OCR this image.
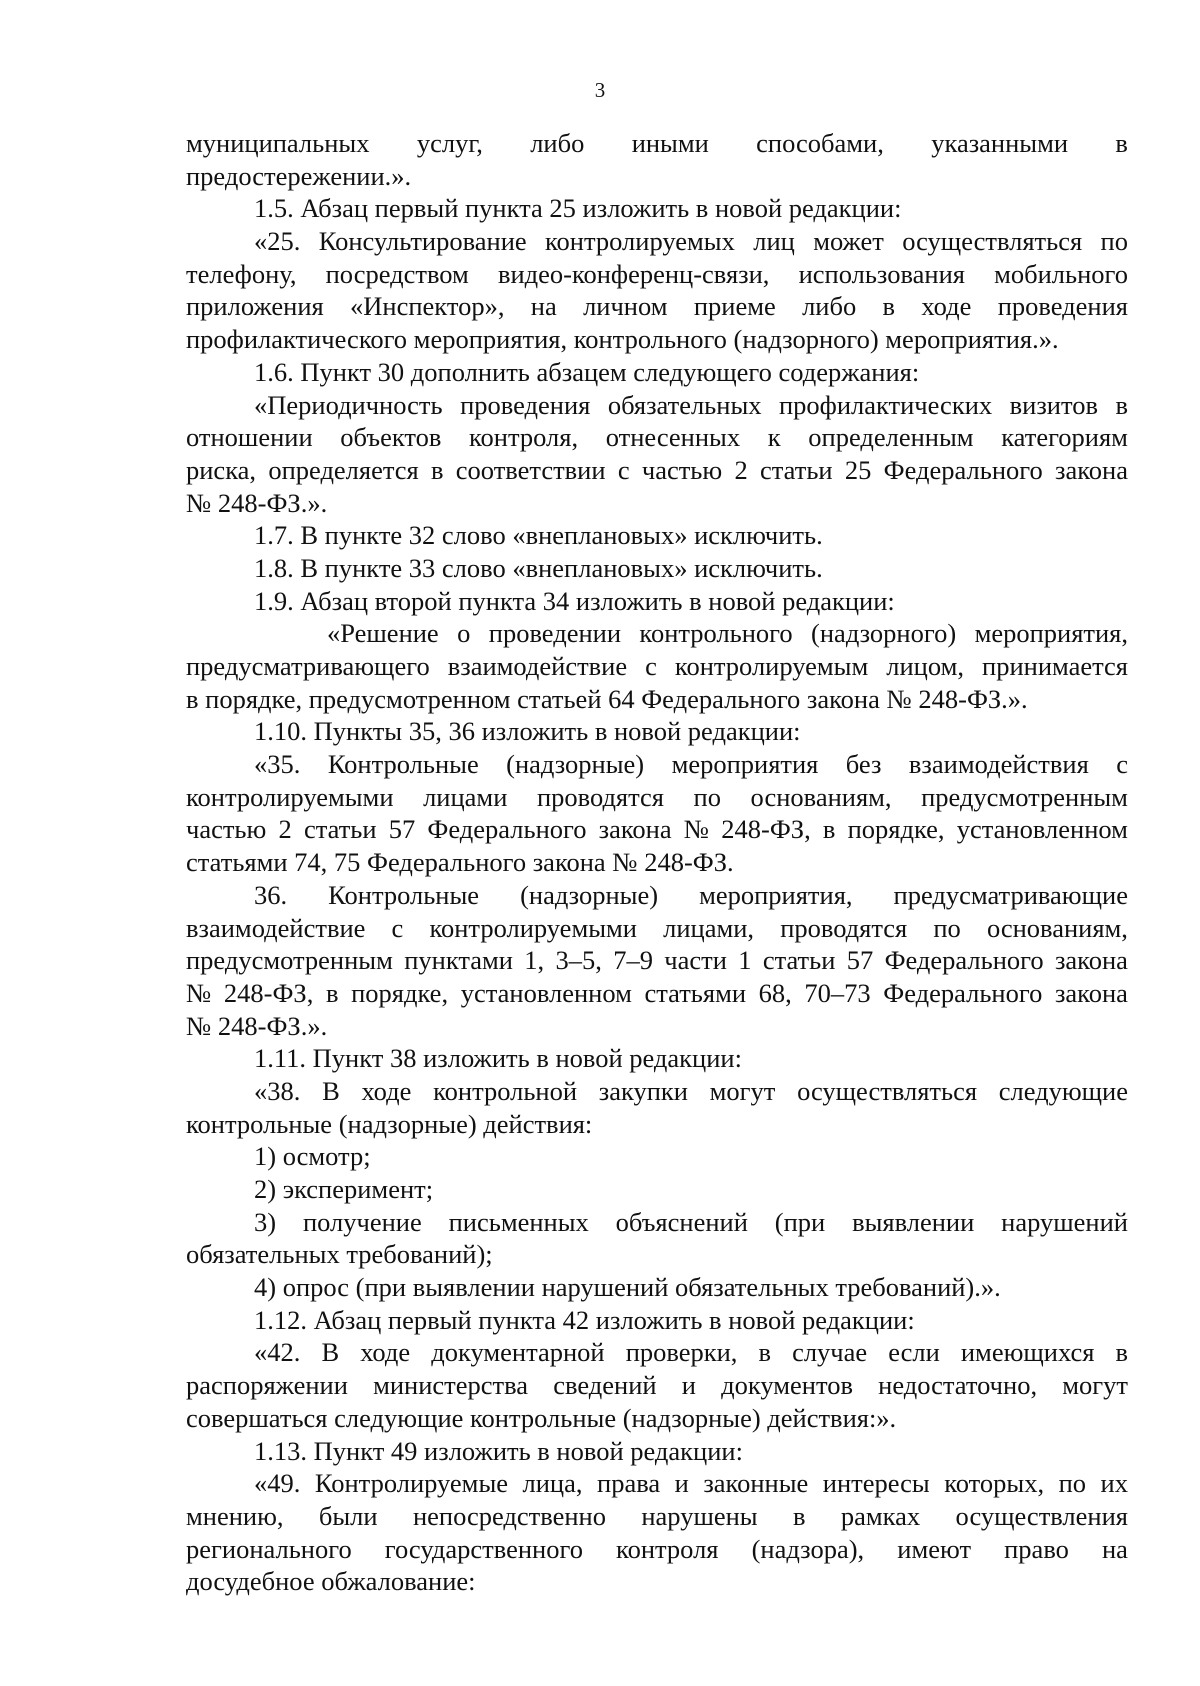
3
муниципальных услуг, либо иными способами, указанными в
предостережении.».
1.5. Абзац первый пункта 25 изложить в новой редакции:
«25. Консультирование контролируемых лиц может осуществляться по
телефону, посредством видео-конференц-связи, использования мобильного
приложения «Инспектор», на личном приеме либо в ходе проведения
профилактического мероприятия, контрольного (надзорного) мероприятия.».
1.6. Пункт 30 дополнить абзацем следующего содержания:
«Периодичность проведения обязательных профилактических визитов в
отношении объектов контроля, отнесенных к определенным категориям
риска, определяется в соответствии с частью 2 статьи 25 Федерального закона
№ 248-ФЗ.».
1.7. В пункте 32 слово «внеплановых» исключить.
1.8. В пункте 33 слово «внеплановых» исключить.
1.9. Абзац второй пункта 34 изложить в новой редакции:
«Решение о проведении контрольного (надзорного) мероприятия,
предусматривающего взаимодействие с контролируемым лицом, принимается
в порядке, предусмотренном статьей 64 Федерального закона № 248-ФЗ.».
1.10. Пункты 35, 36 изложить в новой редакции:
«35. Контрольные (надзорные) мероприятия без взаимодействия с
контролируемыми лицами проводятся по основаниям, предусмотренным
частью 2 статьи 57 Федерального закона № 248-ФЗ, в порядке, установленном
статьями 74, 75 Федерального закона № 248-ФЗ.
36. Контрольные (надзорные) мероприятия, предусматривающие
взаимодействие с контролируемыми лицами, проводятся по основаниям,
предусмотренным пунктами 1, 3–5, 7–9 части 1 статьи 57 Федерального закона
№ 248-ФЗ, в порядке, установленном статьями 68, 70–73 Федерального закона
№ 248-ФЗ.».
1.11. Пункт 38 изложить в новой редакции:
«38. В ходе контрольной закупки могут осуществляться следующие
контрольные (надзорные) действия:
1) осмотр;
2) эксперимент;
3) получение письменных объяснений (при выявлении нарушений
обязательных требований);
4) опрос (при выявлении нарушений обязательных требований).».
1.12. Абзац первый пункта 42 изложить в новой редакции:
«42. В ходе документарной проверки, в случае если имеющихся в
распоряжении министерства сведений и документов недостаточно, могут
совершаться следующие контрольные (надзорные) действия:».
1.13. Пункт 49 изложить в новой редакции:
«49. Контролируемые лица, права и законные интересы которых, по их
мнению, были непосредственно нарушены в рамках осуществления
регионального государственного контроля (надзора), имеют право на
досудебное обжалование:
